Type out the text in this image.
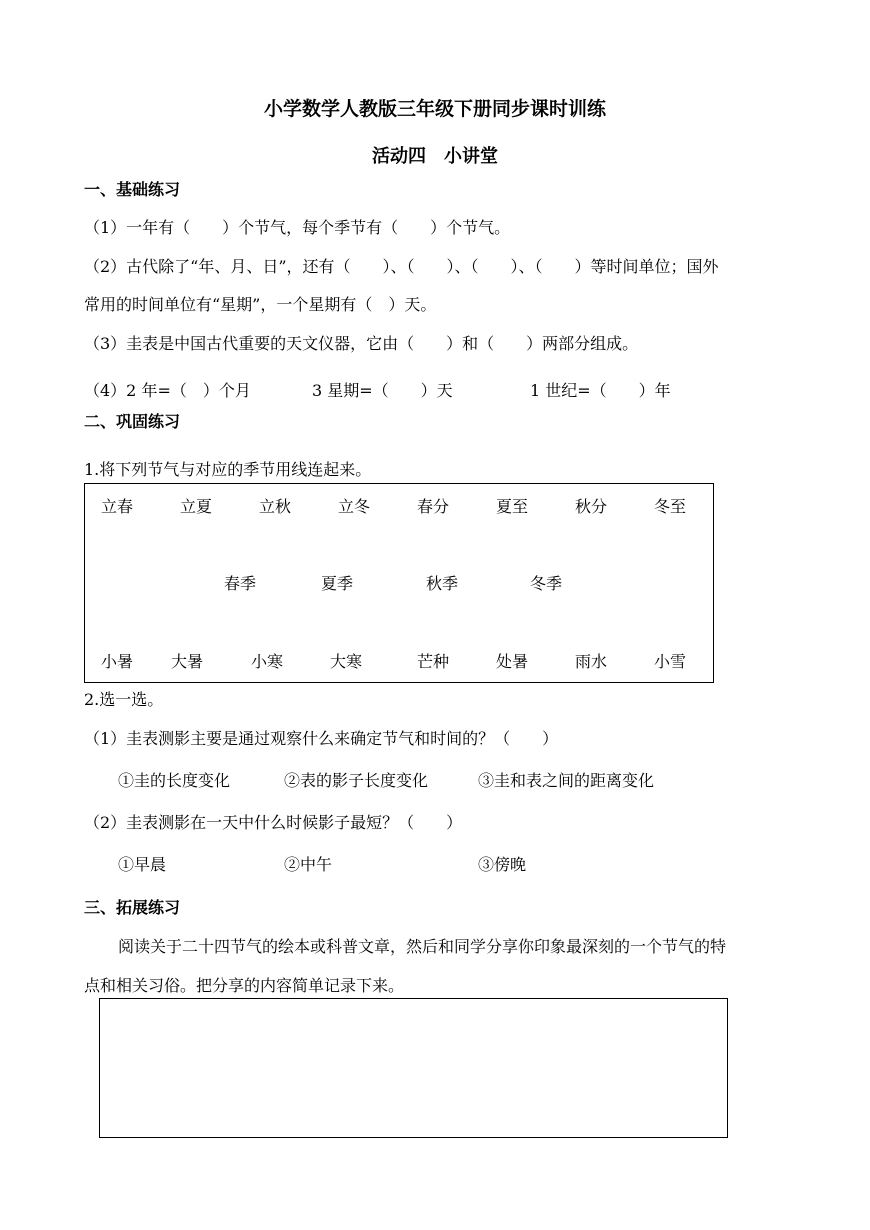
小学数学人教版三年级下册同步课时训练
活动四　小讲堂
一、基础练习
（1）一年有（　　）个节气，每个季节有（　　）个节气。
（2）古代除了“年、月、日”，还有（　　）、（　　）、（　　）、（　　）等时间单位；国外
常用的时间单位有“星期”，一个星期有（　）天。
（3）圭表是中国古代重要的天文仪器，它由（　　）和（　　）两部分组成。
（4）2 年=（　）个月	3 星期=（　　）天	1 世纪=（　　）年
二、巩固练习
1.将下列节气与对应的季节用线连起来。
立春	立夏	立秋	立冬	春分	夏至	秋分	冬至
春季	夏季	秋季	冬季
小暑 大暑	小寒	大寒	芒种	处暑	雨水	小雪
2.选一选。
（1）圭表测影主要是通过观察什么来确定节气和时间的？（　　）
①圭的长度变化	②表的影子长度变化	③圭和表之间的距离变化
（2）圭表测影在一天中什么时候影子最短？（　　）
①早晨	②中午	③傍晚
三、拓展练习
阅读关于二十四节气的绘本或科普文章，然后和同学分享你印象最深刻的一个节气的特
点和相关习俗。把分享的内容简单记录下来。
